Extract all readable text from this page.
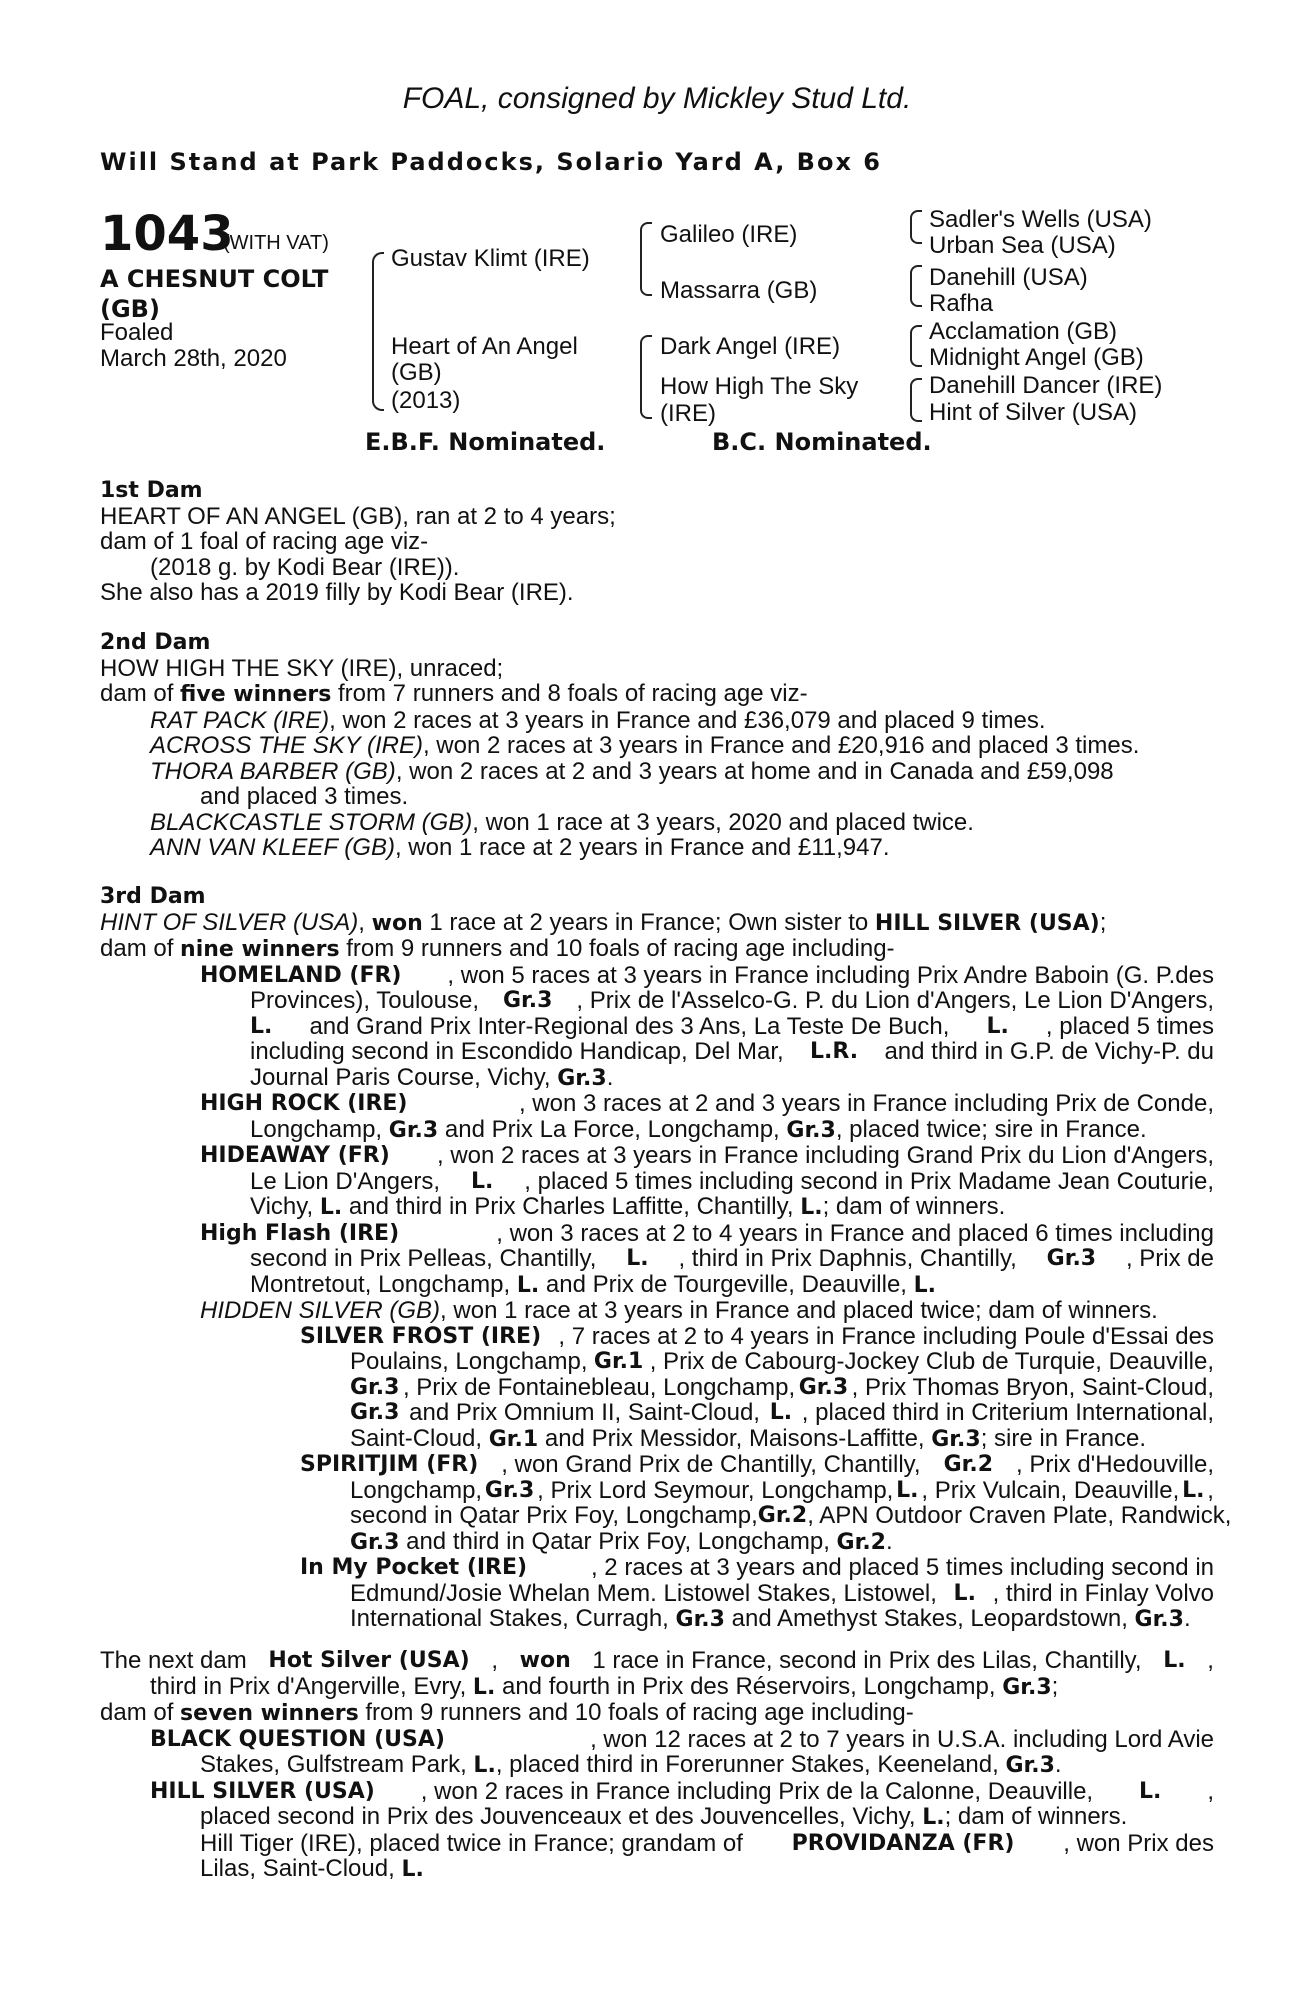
FOAL, consigned by Mickley Stud Ltd.
Will Stand at Park Paddocks, Solario Yard A, Box 6
1043
(WITH VAT)
A CHESNUT COLT
(GB)
Foaled
March 28th, 2020
Gustav Klimt (IRE)
Heart of An Angel
(GB)
(2013)
Galileo (IRE)
Massarra (GB)
Dark Angel (IRE)
How High The Sky
(IRE)
Sadler's Wells (USA)
Urban Sea (USA)
Danehill (USA)
Rafha
Acclamation (GB)
Midnight Angel (GB)
Danehill Dancer (IRE)
Hint of Silver (USA)
E.B.F. Nominated.	B.C. Nominated.

1st Dam

HEART OF AN ANGEL (GB), ran at 2 to 4 years;

dam of 1 foal of racing age viz-

(2018 g. by Kodi Bear (IRE)).

She also has a 2019 filly by Kodi Bear (IRE).

2nd Dam

HOW HIGH THE SKY (IRE), unraced;

dam of five winners from 7 runners and 8 foals of racing age viz-

RAT PACK (IRE), won 2 races at 3 years in France and £36,079 and placed 9 times.

ACROSS THE SKY (IRE), won 2 races at 3 years in France and £20,916 and placed 3 times.

THORA BARBER (GB), won 2 races at 2 and 3 years at home and in Canada and £59,098

and placed 3 times.

BLACKCASTLE STORM (GB), won 1 race at 3 years, 2020 and placed twice.

ANN VAN KLEEF (GB), won 1 race at 2 years in France and £11,947.

3rd Dam

HINT OF SILVER (USA), won 1 race at 2 years in France; Own sister to HILL SILVER (USA);

dam of nine winners from 9 runners and 10 foals of racing age including-

HOMELAND (FR) , won 5 races at 3 years in France including Prix Andre Baboin (G. P.des

Provinces), Toulouse, Gr.3 , Prix de l'Asselco-G. P. du Lion d'Angers, Le Lion D'Angers,

L. and Grand Prix Inter-Regional des 3 Ans, La Teste De Buch, L. , placed 5 times

including second in Escondido Handicap, Del Mar, L.R. and third in G.P. de Vichy-P. du

Journal Paris Course, Vichy, Gr.3.

HIGH ROCK (IRE)	, won 3 races at 2 and 3 years in France including Prix de Conde,

Longchamp, Gr.3 and Prix La Force, Longchamp, Gr.3, placed twice; sire in France.

HIDEAWAY (FR) , won 2 races at 3 years in France including Grand Prix du Lion d'Angers,

Le Lion D'Angers, L. , placed 5 times including second in Prix Madame Jean Couturie,

Vichy, L. and third in Prix Charles Laffitte, Chantilly, L.; dam of winners.

High Flash (IRE)	, won 3 races at 2 to 4 years in France and placed 6 times including

second in Prix Pelleas, Chantilly, L. , third in Prix Daphnis, Chantilly, Gr.3 , Prix de

Montretout, Longchamp, L. and Prix de Tourgeville, Deauville, L.

HIDDEN SILVER (GB), won 1 race at 3 years in France and placed twice; dam of winners.

SILVER FROST (IRE) , 7 races at 2 to 4 years in France including Poule d'Essai des

Poulains, Longchamp, Gr.1 , Prix de Cabourg-Jockey Club de Turquie, Deauville,

Gr.3 , Prix de Fontainebleau, Longchamp, Gr.3 , Prix Thomas Bryon, Saint-Cloud,

Gr.3 and Prix Omnium II, Saint-Cloud, L. , placed third in Criterium International,

Saint-Cloud, Gr.1 and Prix Messidor, Maisons-Laffitte, Gr.3; sire in France.

SPIRITJIM (FR) , won Grand Prix de Chantilly, Chantilly, Gr.2 , Prix d'Hedouville,

Longchamp, Gr.3 , Prix Lord Seymour, Longchamp, L. , Prix Vulcain, Deauville, L. ,

second in Qatar Prix Foy, Longchamp, Gr.2 , APN Outdoor Craven Plate, Randwick,

Gr.3 and third in Qatar Prix Foy, Longchamp, Gr.2.

In My Pocket (IRE)	, 2 races at 3 years and placed 5 times including second in

Edmund/Josie Whelan Mem. Listowel Stakes, Listowel, L. , third in Finlay Volvo

International Stakes, Curragh, Gr.3 and Amethyst Stakes, Leopardstown, Gr.3.

The next dam Hot Silver (USA) , won 1 race in France, second in Prix des Lilas, Chantilly, L. ,

third in Prix d'Angerville, Evry, L. and fourth in Prix des Réservoirs, Longchamp, Gr.3;

dam of seven winners from 9 runners and 10 foals of racing age including-

BLACK QUESTION (USA)	, won 12 races at 2 to 7 years in U.S.A. including Lord Avie

Stakes, Gulfstream Park, L., placed third in Forerunner Stakes, Keeneland, Gr.3.

HILL SILVER (USA) , won 2 races in France including Prix de la Calonne, Deauville, L. ,

placed second in Prix des Jouvenceaux et des Jouvencelles, Vichy, L.; dam of winners.

Hill Tiger (IRE), placed twice in France; grandam of PROVIDANZA (FR) , won Prix des

Lilas, Saint-Cloud, L.
